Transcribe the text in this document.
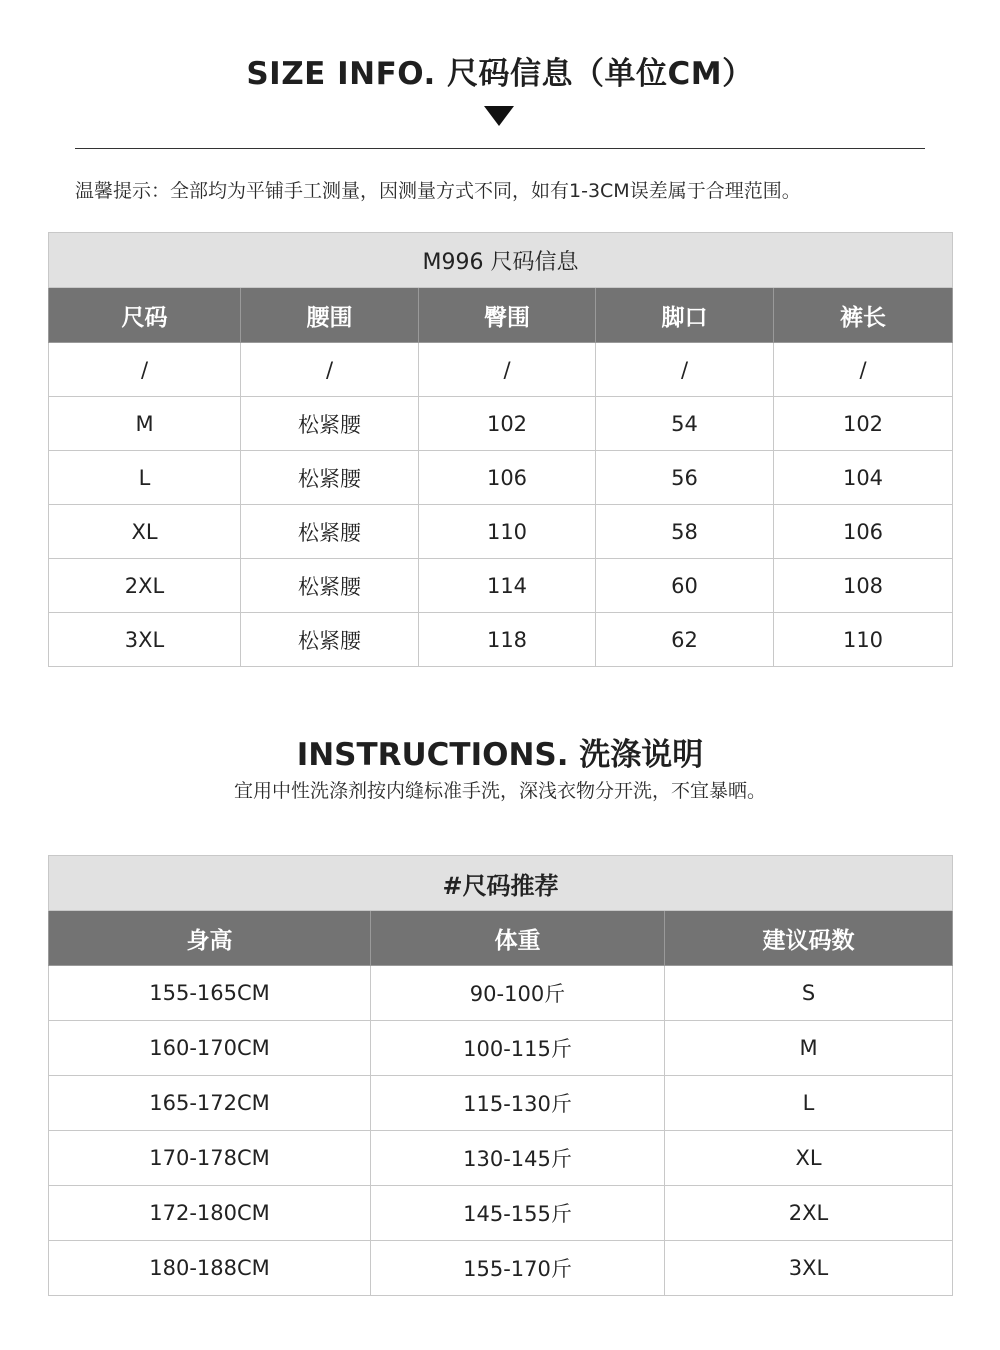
SIZE INFO. 尺码信息（单位CM）
温馨提示：全部均为平铺手工测量，因测量方式不同，如有1-3CM误差属于合理范围。
M996 尺码信息				
尺码	腰围	臀围	脚口	裤长
/	/	/	/	/
M	松紧腰	102	54	102
L	松紧腰	106	56	104
XL	松紧腰	110	58	106
2XL	松紧腰	114	60	108
3XL	松紧腰	118	62	110
INSTRUCTIONS. 洗涤说明
宜用中性洗涤剂按内缝标准手洗，深浅衣物分开洗，不宜暴晒。
#尺码推荐		
身高	体重	建议码数
155-165CM	90-100斤	S
160-170CM	100-115斤	M
165-172CM	115-130斤	L
170-178CM	130-145斤	XL
172-180CM	145-155斤	2XL
180-188CM	155-170斤	3XL
